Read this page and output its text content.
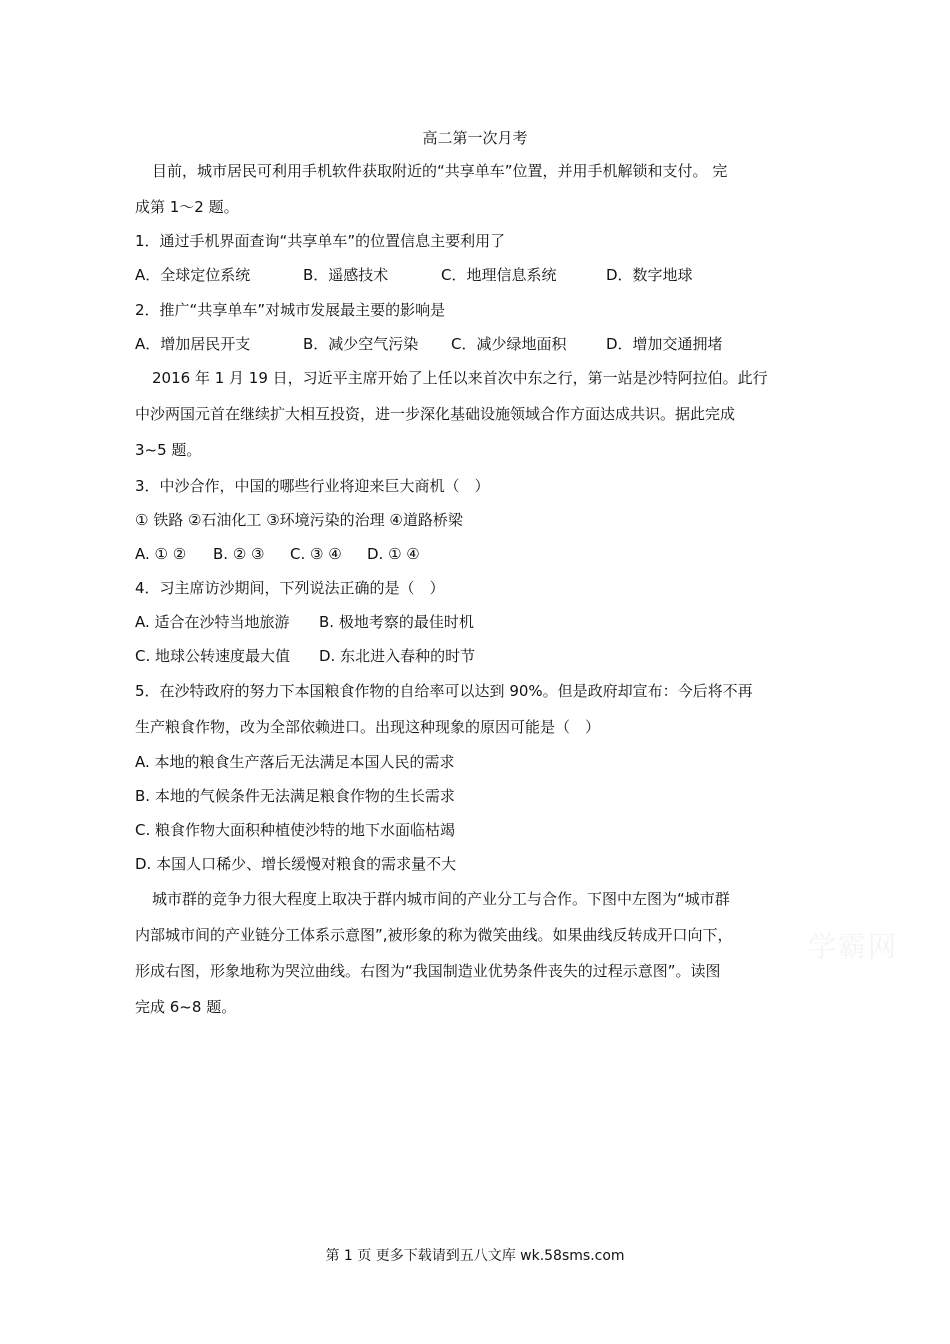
高二第一次月考
目前，城市居民可利用手机软件获取附近的“共享单车”位置，并用手机解锁和支付。 完
成第 1～2 题。
1．通过手机界面查询“共享单车”的位置信息主要利用了
A．全球定位系统	B．遥感技术	C．地理信息系统	D．数字地球
2．推广“共享单车”对城市发展最主要的影响是
A．增加居民开支	B．减少空气污染 C．减少绿地面积	D．增加交通拥堵
2016 年 1 月 19 日，习近平主席开始了上任以来首次中东之行，第一站是沙特阿拉伯。此行
中沙两国元首在继续扩大相互投资，进一步深化基础设施领域合作方面达成共识。据此完成
3~5 题。
3．中沙合作，中国的哪些行业将迎来巨大商机（　）
① 铁路 ②石油化工 ③环境污染的治理 ④道路桥梁
A. ① ② B. ② ③ C. ③ ④ D. ① ④
4．习主席访沙期间，下列说法正确的是（　）
A. 适合在沙特当地旅游 B. 极地考察的最佳时机
C. 地球公转速度最大值 D. 东北进入春种的时节
5．在沙特政府的努力下本国粮食作物的自给率可以达到 90%。但是政府却宣布：今后将不再
生产粮食作物，改为全部依赖进口。出现这种现象的原因可能是（　）
A. 本地的粮食生产落后无法满足本国人民的需求
B. 本地的气候条件无法满足粮食作物的生长需求
C. 粮食作物大面积种植使沙特的地下水面临枯竭
D. 本国人口稀少、增长缓慢对粮食的需求量不大
城市群的竞争力很大程度上取决于群内城市间的产业分工与合作。下图中左图为“城市群
内部城市间的产业链分工体系示意图”,被形象的称为微笑曲线。如果曲线反转成开口向下，
形成右图，形象地称为哭泣曲线。右图为“我国制造业优势条件丧失的过程示意图”。读图
完成 6~8 题。
学霸网
第 1 页 更多下载请到五八文库 wk.58sms.com
